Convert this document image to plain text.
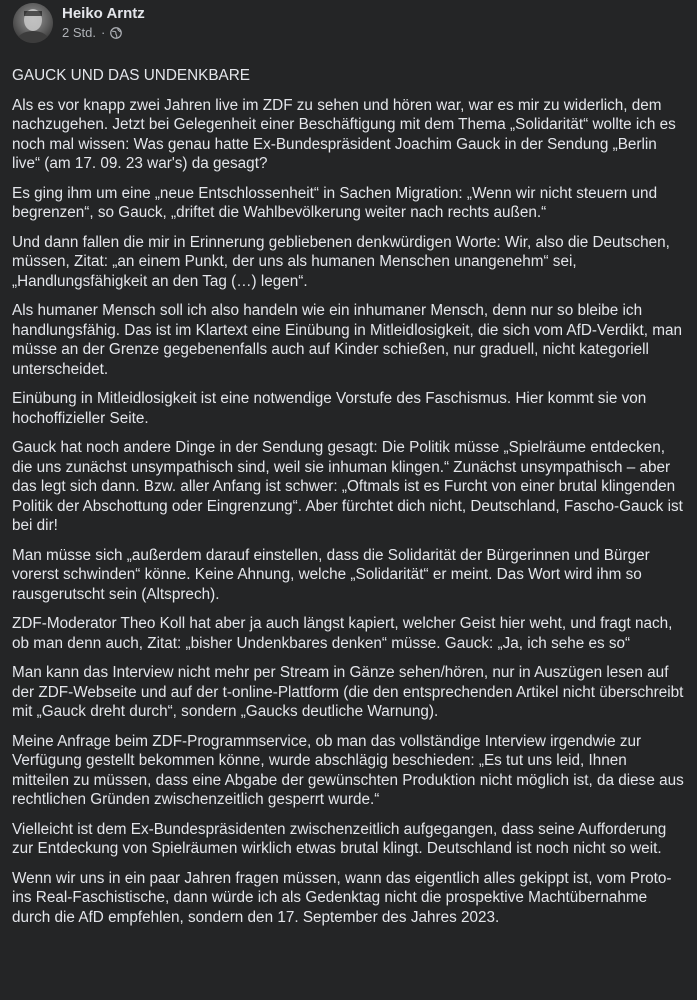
Heiko Arntz
2 Std. ·
GAUCK UND DAS UNDENKBARE

Als es vor knapp zwei Jahren live im ZDF zu sehen und hören war, war es mir zu widerlich, dem nachzugehen. Jetzt bei Gelegenheit einer Beschäftigung mit dem Thema „Solidarität“ wollte ich es noch mal wissen: Was genau hatte Ex-Bundespräsident Joachim Gauck in der Sendung „Berlin live“ (am 17. 09. 23 war's) da gesagt?

Es ging ihm um eine „neue Entschlossenheit“ in Sachen Migration: „Wenn wir nicht steuern und begrenzen“, so Gauck, „driftet die Wahlbevölkerung weiter nach rechts außen.“

Und dann fallen die mir in Erinnerung gebliebenen denkwürdigen Worte: Wir, also die Deutschen, müssen, Zitat: „an einem Punkt, der uns als humanen Menschen unangenehm“ sei, „Handlungsfähigkeit an den Tag (…) legen“.

Als humaner Mensch soll ich also handeln wie ein inhumaner Mensch, denn nur so bleibe ich handlungsfähig. Das ist im Klartext eine Einübung in Mitleidlosigkeit, die sich vom AfD-Verdikt, man müsse an der Grenze gegebenenfalls auch auf Kinder schießen, nur graduell, nicht kategoriell unterscheidet.

Einübung in Mitleidlosigkeit ist eine notwendige Vorstufe des Faschismus. Hier kommt sie von hochoffizieller Seite.

Gauck hat noch andere Dinge in der Sendung gesagt: Die Politik müsse „Spielräume entdecken, die uns zunächst unsympathisch sind, weil sie inhuman klingen.“ Zunächst unsympathisch – aber das legt sich dann. Bzw. aller Anfang ist schwer: „Oftmals ist es Furcht von einer brutal klingenden Politik der Abschottung oder Eingrenzung“. Aber fürchtet dich nicht, Deutschland, Fascho-Gauck ist bei dir!

Man müsse sich „außerdem darauf einstellen, dass die Solidarität der Bürgerinnen und Bürger vorerst schwinden“ könne. Keine Ahnung, welche „Solidarität“ er meint. Das Wort wird ihm so rausgerutscht sein (Altsprech).

ZDF-Moderator Theo Koll hat aber ja auch längst kapiert, welcher Geist hier weht, und fragt nach, ob man denn auch, Zitat: „bisher Undenkbares denken“ müsse. Gauck: „Ja, ich sehe es so“

Man kann das Interview nicht mehr per Stream in Gänze sehen/hören, nur in Auszügen lesen auf der ZDF-Webseite und auf der t-online-Plattform (die den entsprechenden Artikel nicht überschreibt mit „Gauck dreht durch“, sondern „Gaucks deutliche Warnung).

Meine Anfrage beim ZDF-Programmservice, ob man das vollständige Interview irgendwie zur Verfügung gestellt bekommen könne, wurde abschlägig beschieden: „Es tut uns leid, Ihnen mitteilen zu müssen, dass eine Abgabe der gewünschten Produktion nicht möglich ist, da diese aus rechtlichen Gründen zwischenzeitlich gesperrt wurde.“

Vielleicht ist dem Ex-Bundespräsidenten zwischenzeitlich aufgegangen, dass seine Aufforderung zur Entdeckung von Spielräumen wirklich etwas brutal klingt. Deutschland ist noch nicht so weit.

Wenn wir uns in ein paar Jahren fragen müssen, wann das eigentlich alles gekippt ist, vom Proto- ins Real-Faschistische, dann würde ich als Gedenktag nicht die prospektive Machtübernahme durch die AfD empfehlen, sondern den 17. September des Jahres 2023.
